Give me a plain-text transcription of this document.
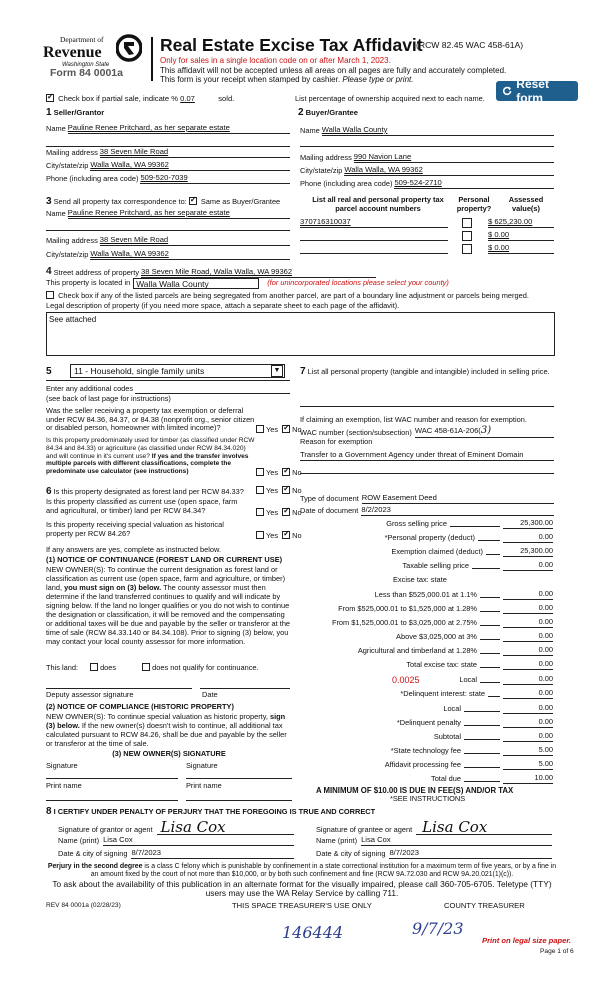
Department of
Revenue
Washington State
Form 84 0001a
Real Estate Excise Tax Affidavit
(RCW 82.45 WAC 458-61A)
Only for sales in a single location code on or after March 1, 2023.
This affidavit will not be accepted unless all areas on all pages are fully and accurately completed.
This form is your receipt when stamped by cashier. Please type or print.	Reset form
✓ Check box if partial sale, indicate % 0.07	sold.	List percentage of ownership acquired next to each name.
1 Seller/Grantor
Name Pauline Renee Pritchard, as her separate estate
Mailing address 38 Seven Mile Road
City/state/zip Walla Walla, WA 99362
Phone (including area code) 509-520-7039
2 Buyer/Grantee
Name Walla Walla County
Mailing address 990 Navion Lane
City/state/zip Walla Walla, WA 99362
Phone (including area code) 509-524-2710
3 Send all property tax correspondence to: ✓ Same as Buyer/Grantee
Name Pauline Renee Pritchard, as her separate estate
Mailing address 38 Seven Mile Road
City/state/zip Walla Walla, WA 99362
List all real and personal property tax parcel account numbers
Personal property?
Assessed value(s)
370716310037	$ 625,230.00
$ 0.00
$ 0.00
4 Street address of property 38 Seven Mile Road, Walla Walla, WA 99362
This property is located in Walla Walla County	(for unincorporated locations please select your county)
Check box if any of the listed parcels are being segregated from another parcel, are part of a boundary line adjustment or parcels being merged.
Legal description of property (if you need more space, attach a separate sheet to each page of the affidavit).
See attached
5	11 - Household, single family units	▼
Enter any additional codes
(see back of last page for instructions)
Was the seller receiving a property tax exemption or deferral under RCW 84.36, 84.37, or 84.38 (nonprofit org., senior citizen or disabled person, homeowner with limited income)?	Yes ✓ No
Is this property predominately used for timber (as classified under RCW 84.34 and 84.33) or agriculture (as classified under RCW 84.34.020) and will continue in it's current use? If yes and the transfer involves multiple parcels with different classifications, complete the predominate use calculator (see instructions)	Yes ✓ No
6 Is this property designated as forest land per RCW 84.33?	Yes ✓ No
Is this property classified as current use (open space, farm and agricultural, or timber) land per RCW 84.34?	Yes ✓ No
Is this property receiving special valuation as historical property per RCW 84.26?	Yes ✓ No
If any answers are yes, complete as instructed below.
(1) NOTICE OF CONTINUANCE (FOREST LAND OR CURRENT USE)
NEW OWNER(S): To continue the current designation as forest land or classification as current use (open space, farm and agriculture, or timber) land, you must sign on (3) below. The county assessor must then determine if the land transferred continues to qualify and will indicate by signing below. If the land no longer qualifies or you do not wish to continue the designation or classification, it will be removed and the compensating or additional taxes will be due and payable by the seller or transferor at the time of sale (RCW 84.33.140 or 84.34.108). Prior to signing (3) below, you may contact your local county assessor for more information.
This land:	does	does not qualify for continuance.
Deputy assessor signature	Date
(2) NOTICE OF COMPLIANCE (HISTORIC PROPERTY)
NEW OWNER(S): To continue special valuation as historic property, sign (3) below. If the new owner(s) doesn't wish to continue, all additional tax calculated pursuant to RCW 84.26, shall be due and payable by the seller or transferor at the time of sale.
(3) NEW OWNER(S) SIGNATURE
Signature	Signature
Print name	Print name
7 List all personal property (tangible and intangible) included in selling price.
If claiming an exemption, list WAC number and reason for exemption.
WAC number (section/subsection) WAC 458-61A-206(3)
Reason for exemption
Transfer to a Government Agency under threat of Eminent Domain
Type of document ROW Easement Deed
Date of document 8/2/2023
Gross selling price	25,300.00
*Personal property (deduct)	0.00
Exemption claimed (deduct)	25,300.00
Taxable selling price	0.00
Excise tax: state
Less than $525,000.01 at 1.1%	0.00
From $525,000.01 to $1,525,000 at 1.28%	0.00
From $1,525,000.01 to $3,025,000 at 2.75%	0.00
Above $3,025,000 at 3%	0.00
Agricultural and timberland at 1.28%	0.00
Total excise tax: state	0.00
0.0025	Local	0.00
*Delinquent interest: state	0.00
Local	0.00
*Delinquent penalty	0.00
Subtotal	0.00
*State technology fee	5.00
Affidavit processing fee	5.00
Total due	10.00
A MINIMUM OF $10.00 IS DUE IN FEE(S) AND/OR TAX
*SEE INSTRUCTIONS
8 I CERTIFY UNDER PENALTY OF PERJURY THAT THE FOREGOING IS TRUE AND CORRECT
Signature of grantor or agent Lisa Cox
Name (print) Lisa Cox
Date & city of signing 8/7/2023
Signature of grantee or agent Lisa Cox
Name (print) Lisa Cox
Date & city of signing 8/7/2023
Perjury in the second degree is a class C felony which is punishable by confinement in a state correctional institution for a maximum term of five years, or by a fine in an amount fixed by the court of not more than $10,000, or by both such confinement and fine (RCW 9A.72.030 and RCW 9A.20.021(1)(c)).
To ask about the availability of this publication in an alternate format for the visually impaired, please call 360-705-6705. Teletype (TTY) users may use the WA Relay Service by calling 711.
REV 84 0001a (02/28/23)	THIS SPACE TREASURER'S USE ONLY	COUNTY TREASURER
146444	9/7/23
Print on legal size paper.
Page 1 of 6
